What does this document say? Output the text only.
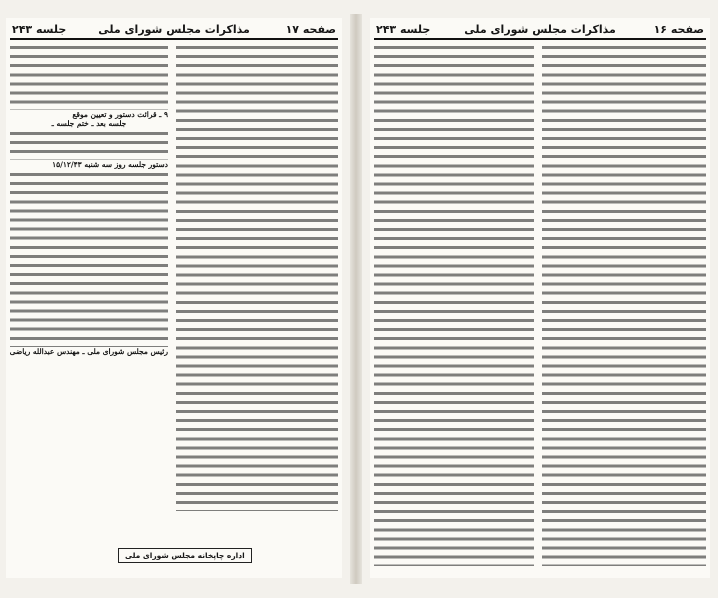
صفحه ۱۷
مذاکرات مجلس شورای ملی
جلسه ۲۴۳
۹ ـ قرائت دستور و تعیین موقع
جلسه بعد ـ ختم جلسه ـ
دستور جلسه روز سه شنبه ۱۵/۱۲/۴۳
رئیس مجلس شورای ملی ـ مهندس عبدالله ریاضی
اداره چاپخانه مجلس شورای ملی
صفحه ۱۶
مذاکرات مجلس شورای ملی
جلسه ۲۴۳
